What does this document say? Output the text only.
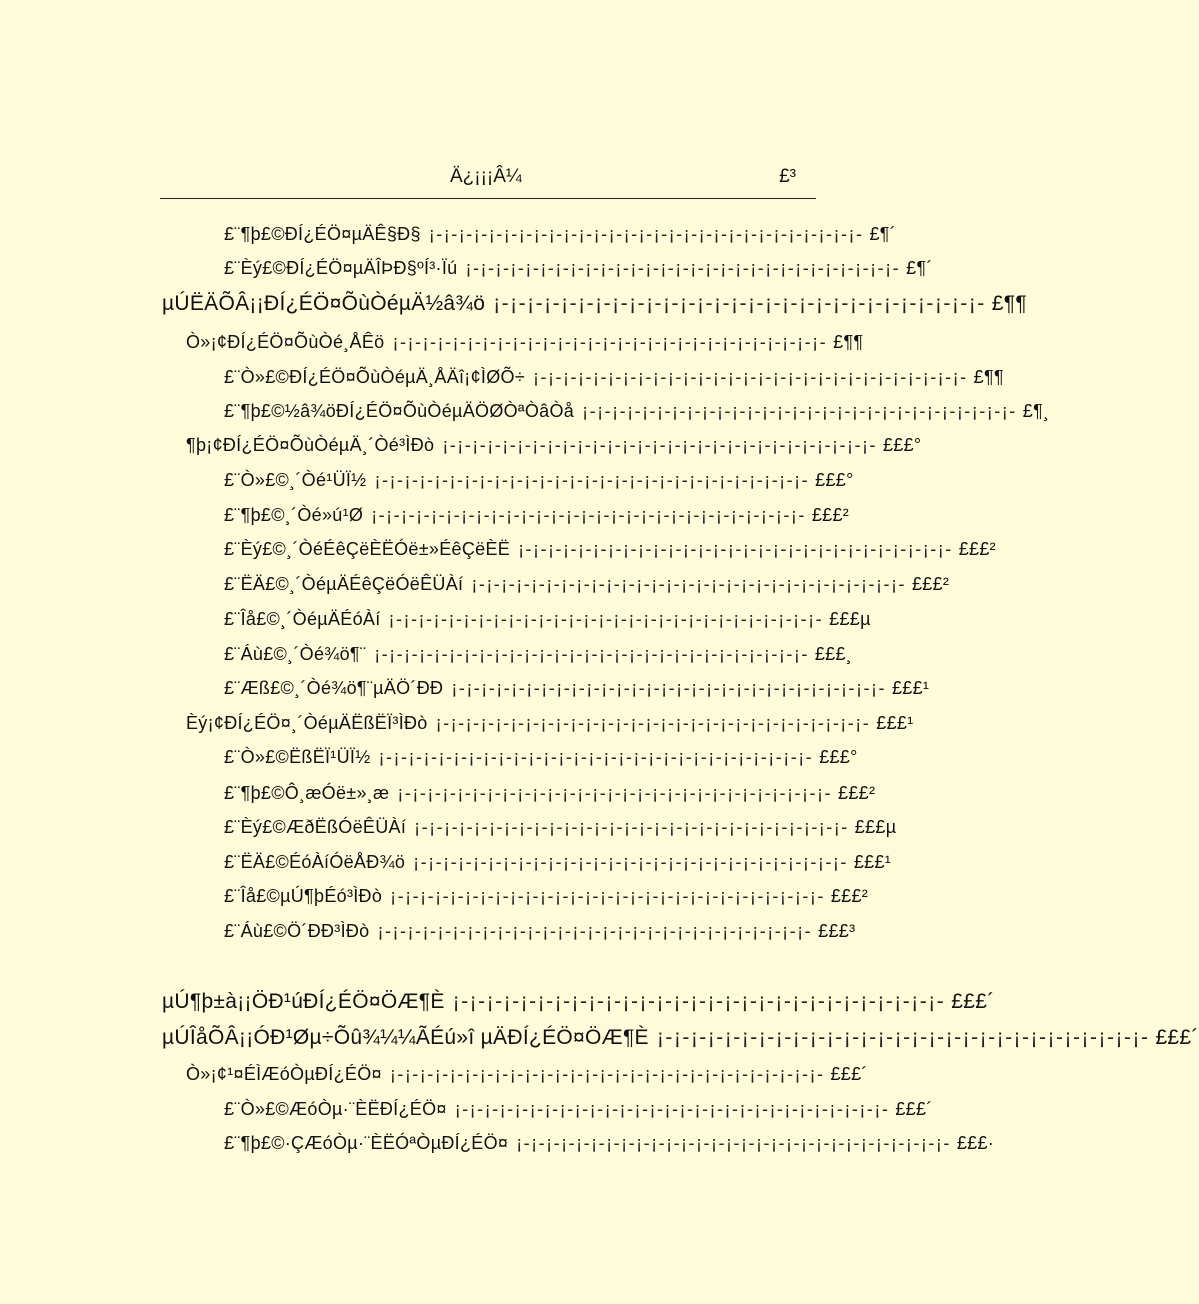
Ä¿¡¡¡Â¼	£³
£¨¶þ£©ÐÍ¿ÉÖ¤µÄÊ§Ð§ ¡-¡-¡-¡-¡-¡-¡-¡-¡-¡-¡-¡-¡-¡-¡-¡-¡-¡-¡-¡-¡-¡-¡-¡-¡-¡-¡-¡-¡- £¶´
£¨Èý£©ÐÍ¿ÉÖ¤µÄÎÞÐ§ºÍ³·Ïú ¡-¡-¡-¡-¡-¡-¡-¡-¡-¡-¡-¡-¡-¡-¡-¡-¡-¡-¡-¡-¡-¡-¡-¡-¡-¡-¡-¡-¡- £¶´
µÚËÄÕÂ¡¡ÐÍ¿ÉÖ¤ÕùÒéµÄ½â¾ö ¡-¡-¡-¡-¡-¡-¡-¡-¡-¡-¡-¡-¡-¡-¡-¡-¡-¡-¡-¡-¡-¡-¡-¡-¡-¡-¡-¡-¡- £¶¶
Ò»¡¢ÐÍ¿ÉÖ¤ÕùÒé¸ÅÊö ¡-¡-¡-¡-¡-¡-¡-¡-¡-¡-¡-¡-¡-¡-¡-¡-¡-¡-¡-¡-¡-¡-¡-¡-¡-¡-¡-¡-¡- £¶¶
£¨Ò»£©ÐÍ¿ÉÖ¤ÕùÒéµÄ¸ÅÄî¡¢ÌØÕ÷ ¡-¡-¡-¡-¡-¡-¡-¡-¡-¡-¡-¡-¡-¡-¡-¡-¡-¡-¡-¡-¡-¡-¡-¡-¡-¡-¡-¡-¡- £¶¶
£¨¶þ£©½â¾öÐÍ¿ÉÖ¤ÕùÒéµÄÖØÒªÒâÒå ¡-¡-¡-¡-¡-¡-¡-¡-¡-¡-¡-¡-¡-¡-¡-¡-¡-¡-¡-¡-¡-¡-¡-¡-¡-¡-¡-¡-¡- £¶¸
¶þ¡¢ÐÍ¿ÉÖ¤ÕùÒéµÄ¸´Òé³ÌÐò ¡-¡-¡-¡-¡-¡-¡-¡-¡-¡-¡-¡-¡-¡-¡-¡-¡-¡-¡-¡-¡-¡-¡-¡-¡-¡-¡-¡-¡- £££°
£¨Ò»£©¸´Òé¹ÜÏ½ ¡-¡-¡-¡-¡-¡-¡-¡-¡-¡-¡-¡-¡-¡-¡-¡-¡-¡-¡-¡-¡-¡-¡-¡-¡-¡-¡-¡-¡- £££°
£¨¶þ£©¸´Òé»ú¹Ø ¡-¡-¡-¡-¡-¡-¡-¡-¡-¡-¡-¡-¡-¡-¡-¡-¡-¡-¡-¡-¡-¡-¡-¡-¡-¡-¡-¡-¡- £££²
£¨Èý£©¸´ÒéÉêÇëÈËÓë±»ÉêÇëÈË ¡-¡-¡-¡-¡-¡-¡-¡-¡-¡-¡-¡-¡-¡-¡-¡-¡-¡-¡-¡-¡-¡-¡-¡-¡-¡-¡-¡-¡- £££²
£¨ËÄ£©¸´ÒéµÄÉêÇëÓëÊÜÀí ¡-¡-¡-¡-¡-¡-¡-¡-¡-¡-¡-¡-¡-¡-¡-¡-¡-¡-¡-¡-¡-¡-¡-¡-¡-¡-¡-¡-¡- £££²
£¨Îå£©¸´ÒéµÄÉóÀí ¡-¡-¡-¡-¡-¡-¡-¡-¡-¡-¡-¡-¡-¡-¡-¡-¡-¡-¡-¡-¡-¡-¡-¡-¡-¡-¡-¡-¡- £££µ
£¨Áù£©¸´Òé¾ö¶¨ ¡-¡-¡-¡-¡-¡-¡-¡-¡-¡-¡-¡-¡-¡-¡-¡-¡-¡-¡-¡-¡-¡-¡-¡-¡-¡-¡-¡-¡- £££¸
£¨Æß£©¸´Òé¾ö¶¨µÄÖ´ÐÐ ¡-¡-¡-¡-¡-¡-¡-¡-¡-¡-¡-¡-¡-¡-¡-¡-¡-¡-¡-¡-¡-¡-¡-¡-¡-¡-¡-¡-¡- £££¹
Èý¡¢ÐÍ¿ÉÖ¤¸´ÒéµÄËßËÏ³ÌÐò ¡-¡-¡-¡-¡-¡-¡-¡-¡-¡-¡-¡-¡-¡-¡-¡-¡-¡-¡-¡-¡-¡-¡-¡-¡-¡-¡-¡-¡- £££¹
£¨Ò»£©ËßËÏ¹ÜÏ½ ¡-¡-¡-¡-¡-¡-¡-¡-¡-¡-¡-¡-¡-¡-¡-¡-¡-¡-¡-¡-¡-¡-¡-¡-¡-¡-¡-¡-¡- £££°
£¨¶þ£©Ô¸æÓë±»¸æ ¡-¡-¡-¡-¡-¡-¡-¡-¡-¡-¡-¡-¡-¡-¡-¡-¡-¡-¡-¡-¡-¡-¡-¡-¡-¡-¡-¡-¡- £££²
£¨Èý£©ÆðËßÓëÊÜÀí ¡-¡-¡-¡-¡-¡-¡-¡-¡-¡-¡-¡-¡-¡-¡-¡-¡-¡-¡-¡-¡-¡-¡-¡-¡-¡-¡-¡-¡- £££µ
£¨ËÄ£©ÉóÀíÓëÅÐ¾ö ¡-¡-¡-¡-¡-¡-¡-¡-¡-¡-¡-¡-¡-¡-¡-¡-¡-¡-¡-¡-¡-¡-¡-¡-¡-¡-¡-¡-¡- £££¹
£¨Îå£©µÚ¶þÉó³ÌÐò ¡-¡-¡-¡-¡-¡-¡-¡-¡-¡-¡-¡-¡-¡-¡-¡-¡-¡-¡-¡-¡-¡-¡-¡-¡-¡-¡-¡-¡- £££²
£¨Áù£©Ö´ÐÐ³ÌÐò ¡-¡-¡-¡-¡-¡-¡-¡-¡-¡-¡-¡-¡-¡-¡-¡-¡-¡-¡-¡-¡-¡-¡-¡-¡-¡-¡-¡-¡- £££³
µÚ¶þ±à¡¡ÖÐ¹úÐÍ¿ÉÖ¤ÖÆ¶È ¡-¡-¡-¡-¡-¡-¡-¡-¡-¡-¡-¡-¡-¡-¡-¡-¡-¡-¡-¡-¡-¡-¡-¡-¡-¡-¡-¡-¡- £££´
µÚÎåÕÂ¡¡ÓÐ¹Øµ÷Õû¾¼¼ÃÉú»î µÄÐÍ¿ÉÖ¤ÖÆ¶È ¡-¡-¡-¡-¡-¡-¡-¡-¡-¡-¡-¡-¡-¡-¡-¡-¡-¡-¡-¡-¡-¡-¡-¡-¡-¡-¡-¡-¡- £££´
Ò»¡¢¹¤ÉÌÆóÒµÐÍ¿ÉÖ¤ ¡-¡-¡-¡-¡-¡-¡-¡-¡-¡-¡-¡-¡-¡-¡-¡-¡-¡-¡-¡-¡-¡-¡-¡-¡-¡-¡-¡-¡- £££´
£¨Ò»£©ÆóÒµ·¨ÈËÐÍ¿ÉÖ¤ ¡-¡-¡-¡-¡-¡-¡-¡-¡-¡-¡-¡-¡-¡-¡-¡-¡-¡-¡-¡-¡-¡-¡-¡-¡-¡-¡-¡-¡- £££´
£¨¶þ£©·ÇÆóÒµ·¨ÈËÓªÒµÐÍ¿ÉÖ¤ ¡-¡-¡-¡-¡-¡-¡-¡-¡-¡-¡-¡-¡-¡-¡-¡-¡-¡-¡-¡-¡-¡-¡-¡-¡-¡-¡-¡-¡- £££·
